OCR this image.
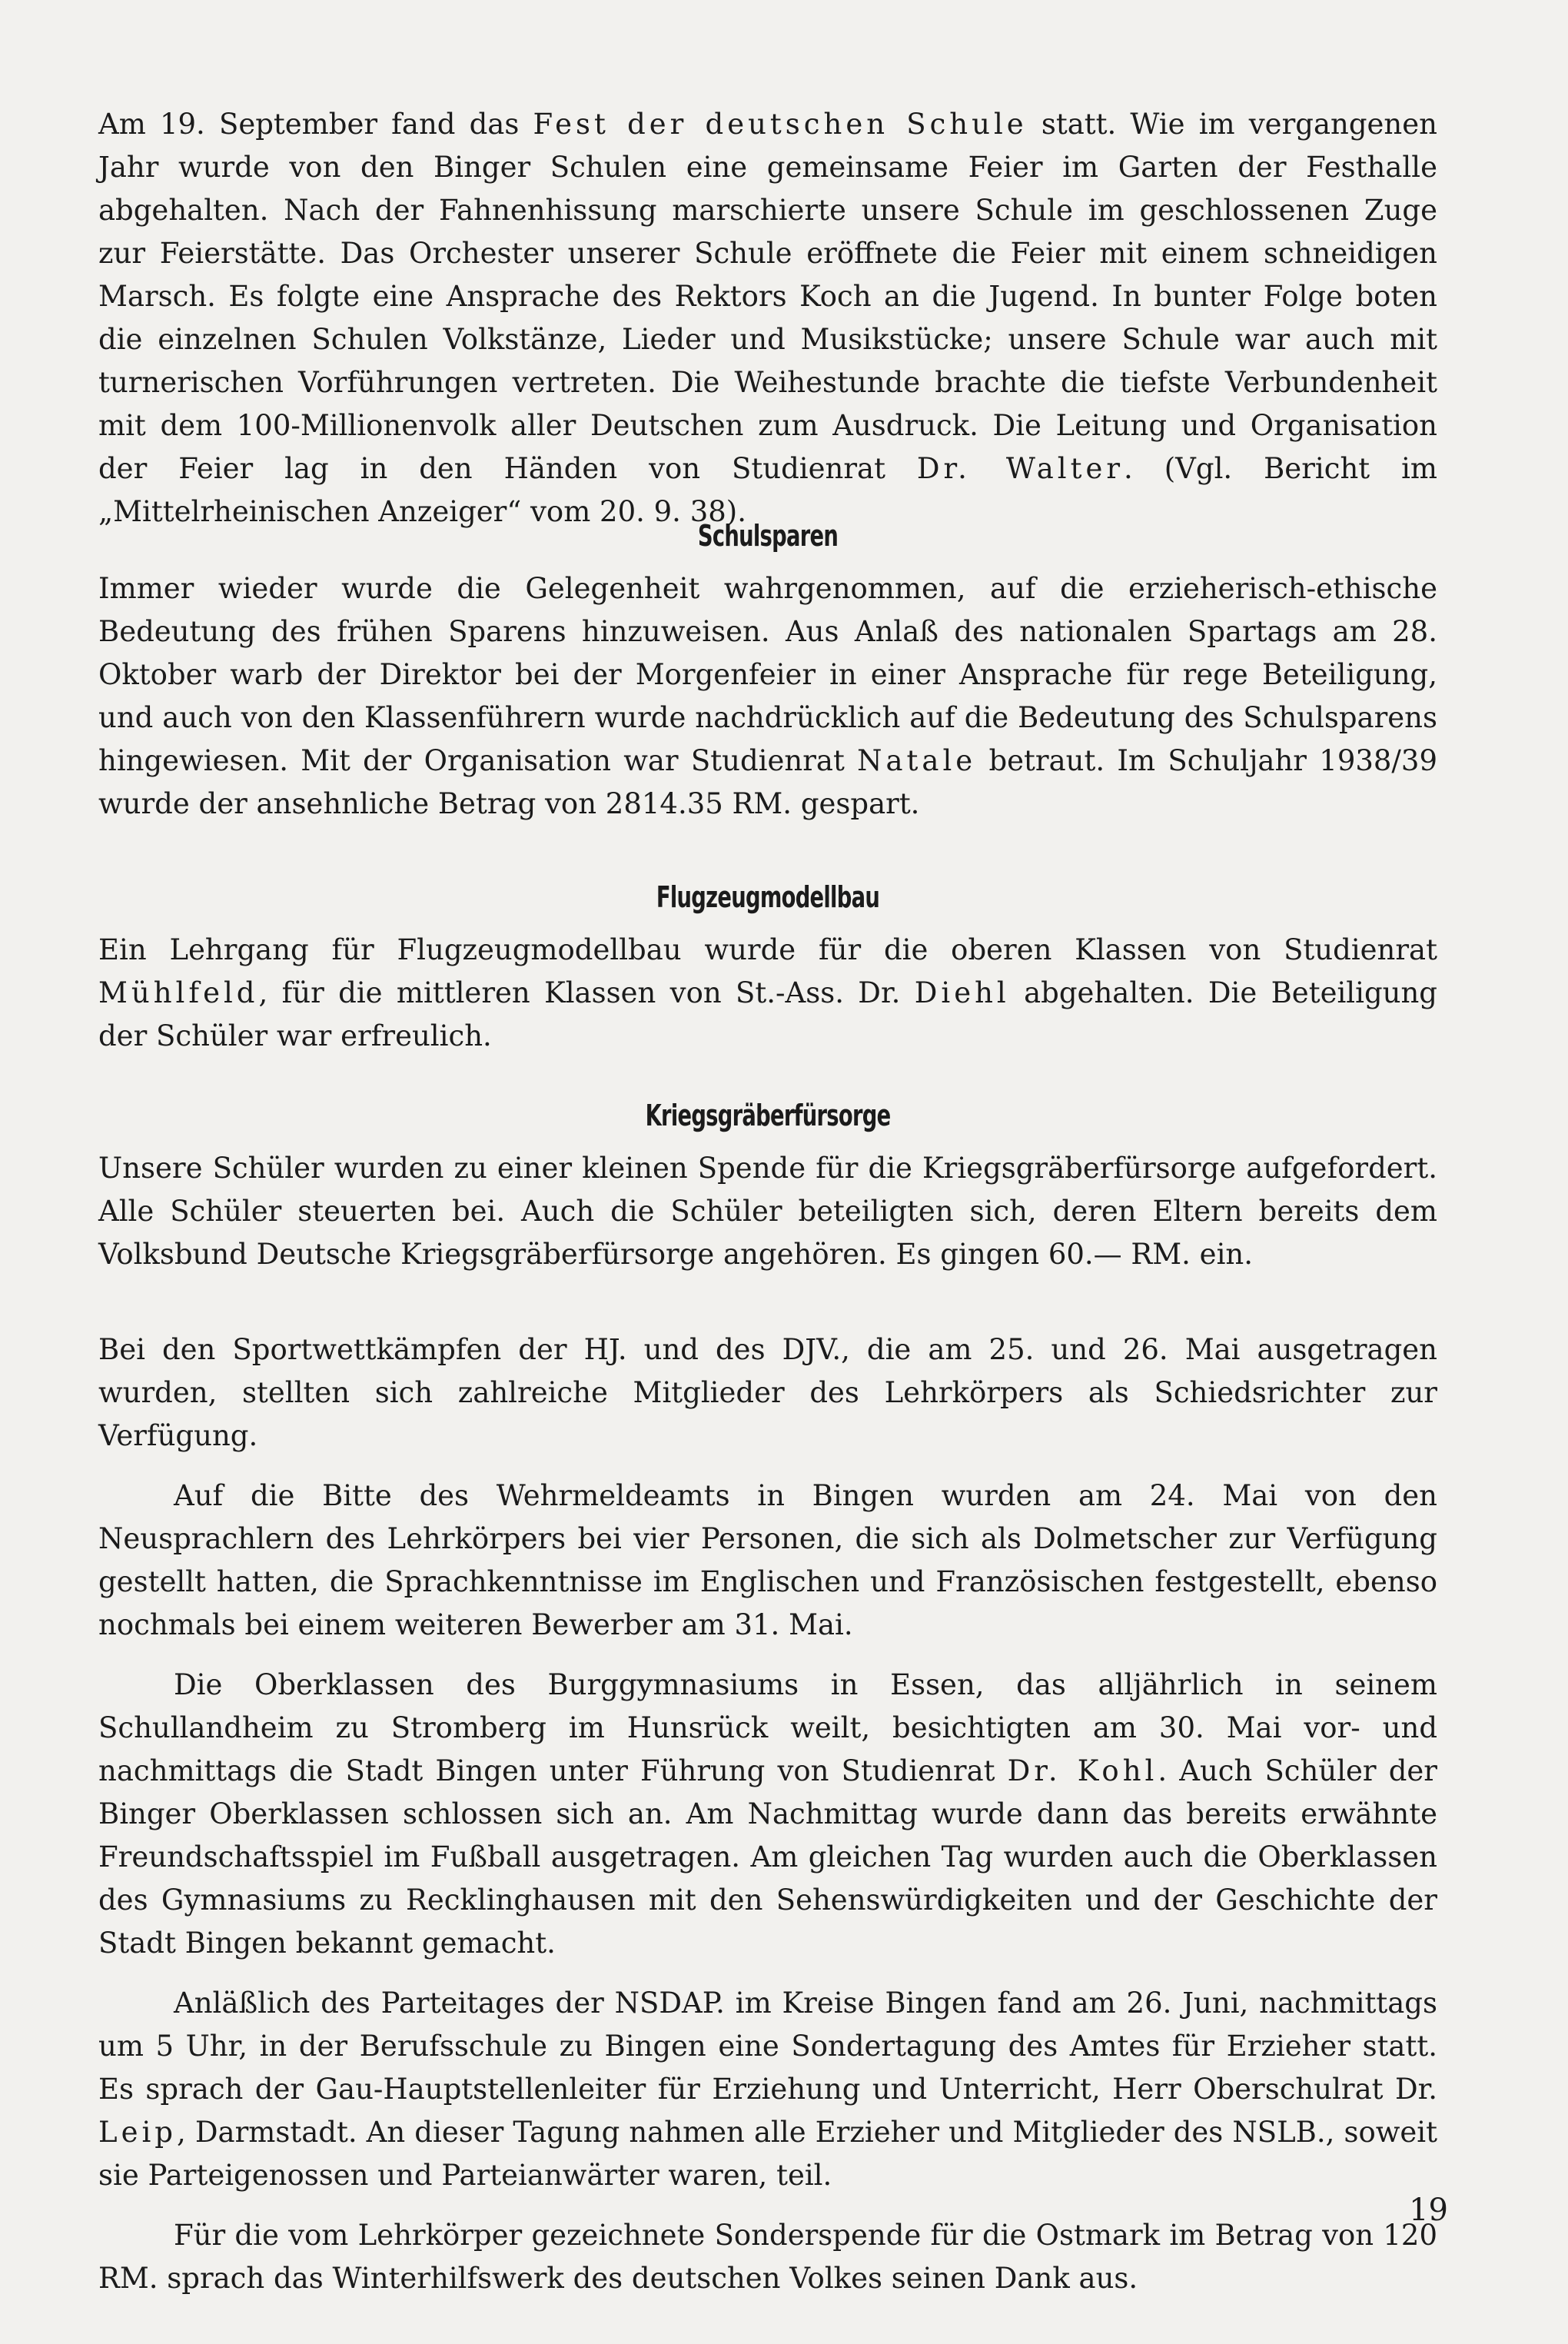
Am 19. September fand das Fest der deutschen Schule statt. Wie im vergangenen Jahr wurde von den Binger Schulen eine gemeinsame Feier im Garten der Festhalle abgehalten. Nach der Fahnenhissung marschierte unsere Schule im geschlossenen Zuge zur Feierstätte. Das Orchester unserer Schule eröffnete die Feier mit einem schneidigen Marsch. Es folgte eine Ansprache des Rektors Koch an die Jugend. In bunter Folge boten die einzelnen Schulen Volkstänze, Lieder und Musikstücke; unsere Schule war auch mit turnerischen Vorführungen vertreten. Die Weihestunde brachte die tiefste Verbundenheit mit dem 100-Millionenvolk aller Deutschen zum Ausdruck. Die Leitung und Organisation der Feier lag in den Händen von Studienrat Dr. Walter. (Vgl. Bericht im „Mittelrheinischen Anzeiger“ vom 20. 9. 38).

Schulsparen

Immer wieder wurde die Gelegenheit wahrgenommen, auf die erzieherisch-ethische Bedeutung des frühen Sparens hinzuweisen. Aus Anlaß des nationalen Spartags am 28. Oktober warb der Direktor bei der Morgenfeier in einer Ansprache für rege Beteiligung, und auch von den Klassenführern wurde nachdrücklich auf die Bedeutung des Schulsparens hingewiesen. Mit der Organisation war Studienrat Natale betraut. Im Schuljahr 1938/39 wurde der ansehnliche Betrag von 2814.35 RM. gespart.

Flugzeugmodellbau

Ein Lehrgang für Flugzeugmodellbau wurde für die oberen Klassen von Studienrat Mühlfeld, für die mittleren Klassen von St.-Ass. Dr. Diehl abgehalten. Die Beteiligung der Schüler war erfreulich.

Kriegsgräberfürsorge

Unsere Schüler wurden zu einer kleinen Spende für die Kriegsgräberfürsorge aufgefordert. Alle Schüler steuerten bei. Auch die Schüler beteiligten sich, deren Eltern bereits dem Volksbund Deutsche Kriegsgräberfürsorge angehören. Es gingen 60.— RM. ein.

Bei den Sportwettkämpfen der HJ. und des DJV., die am 25. und 26. Mai ausgetragen wurden, stellten sich zahlreiche Mitglieder des Lehrkörpers als Schiedsrichter zur Verfügung.

Auf die Bitte des Wehrmeldeamts in Bingen wurden am 24. Mai von den Neusprachlern des Lehrkörpers bei vier Personen, die sich als Dolmetscher zur Verfügung gestellt hatten, die Sprachkenntnisse im Englischen und Französischen festgestellt, ebenso nochmals bei einem weiteren Bewerber am 31. Mai.

Die Oberklassen des Burggymnasiums in Essen, das alljährlich in seinem Schullandheim zu Stromberg im Hunsrück weilt, besichtigten am 30. Mai vor- und nachmittags die Stadt Bingen unter Führung von Studienrat Dr. Kohl. Auch Schüler der Binger Oberklassen schlossen sich an. Am Nachmittag wurde dann das bereits erwähnte Freundschaftsspiel im Fußball ausgetragen. Am gleichen Tag wurden auch die Oberklassen des Gymnasiums zu Recklinghausen mit den Sehenswürdigkeiten und der Geschichte der Stadt Bingen bekannt gemacht.

Anläßlich des Parteitages der NSDAP. im Kreise Bingen fand am 26. Juni, nachmittags um 5 Uhr, in der Berufsschule zu Bingen eine Sondertagung des Amtes für Erzieher statt. Es sprach der Gau-Hauptstellenleiter für Erziehung und Unterricht, Herr Oberschulrat Dr. Leip, Darmstadt. An dieser Tagung nahmen alle Erzieher und Mitglieder des NSLB., soweit sie Parteigenossen und Parteianwärter waren, teil.

Für die vom Lehrkörper gezeichnete Sonderspende für die Ostmark im Betrag von 120 RM. sprach das Winterhilfswerk des deutschen Volkes seinen Dank aus.

19
